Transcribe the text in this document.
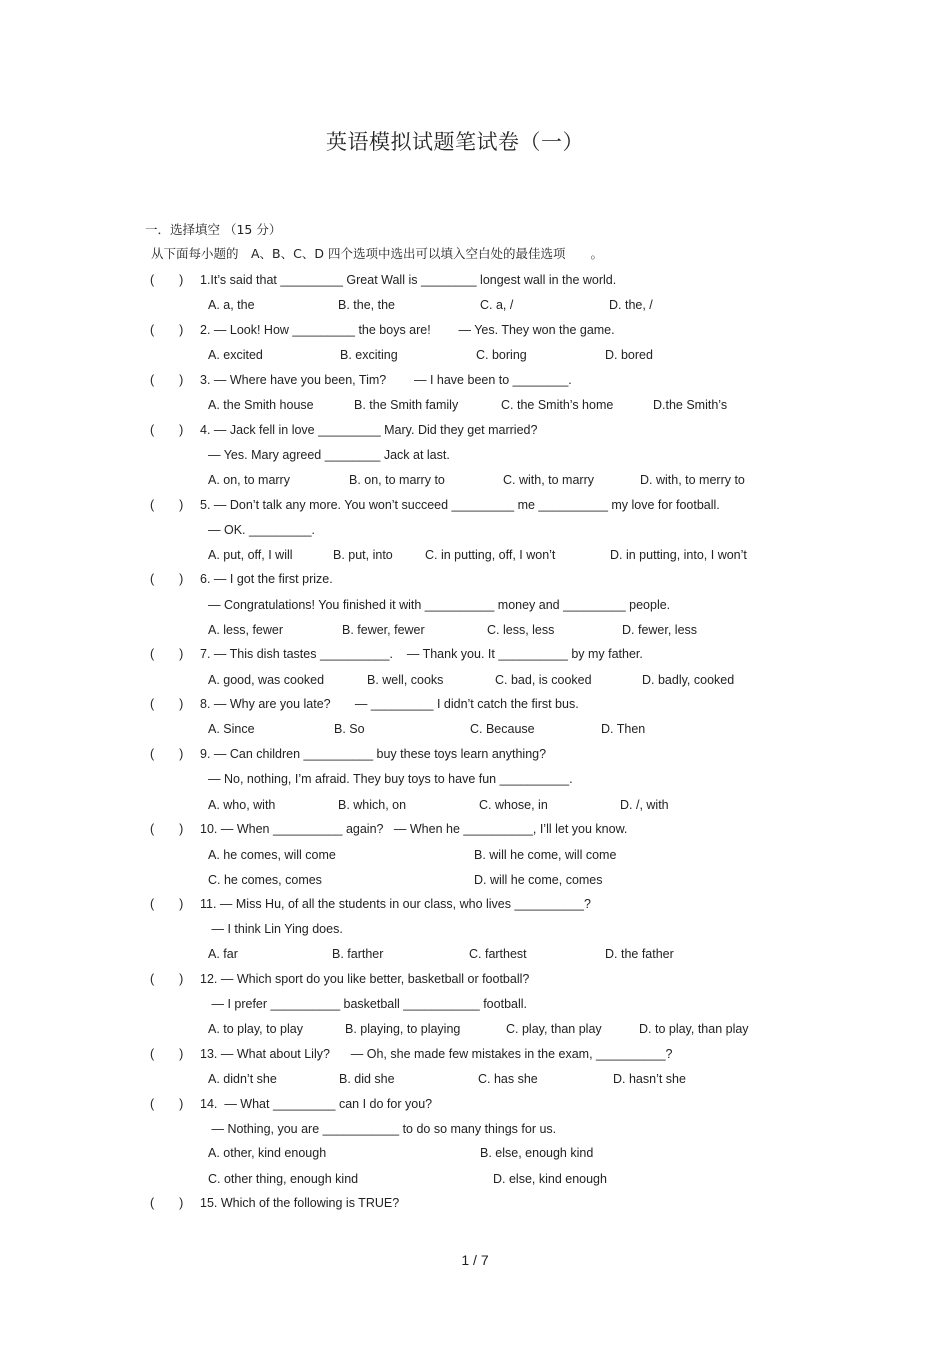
英语模拟试题笔试卷（一）
一．选择填空 （15 分）
从下面每小题的　A、B、C、D 四个选项中选出可以填入空白处的最佳选项　　。
(　　) 1.It’s said that _________ Great Wall is ________ longest wall in the world.
A. a, the	B. the, the	C. a, /	D. the, /
(　　) 2. — Look! How _________ the boys are!        — Yes. They won the game.
A. excited	B. exciting	C. boring	D. bored
(　　) 3. — Where have you been, Tim?        — I have been to ________.
A. the Smith house	B. the Smith family	C. the Smith’s home	D.the Smith’s
(　　) 4. — Jack fell in love _________ Mary. Did they get married?
— Yes. Mary agreed ________ Jack at last.
A. on, to marry	B. on, to marry to	C. with, to marry	D. with, to merry to
(　　) 5. — Don’t talk any more. You won’t succeed _________ me __________ my love for football.
— OK. _________.
A. put, off, I will	B. put, into	C. in putting, off, I won’t	D. in putting, into, I won’t
(　　) 6. — I got the first prize.
— Congratulations! You finished it with __________ money and _________ people.
A. less, fewer	B. fewer, fewer	C. less, less	D. fewer, less
(　　) 7. — This dish tastes __________.    — Thank you. It __________ by my father.
A. good, was cooked	B. well, cooks	C. bad, is cooked	D. badly, cooked
(　　) 8. — Why are you late?       — _________ I didn’t catch the first bus.
A. Since	B. So	C. Because	D. Then
(　　) 9. — Can children __________ buy these toys learn anything?
— No, nothing, I’m afraid. They buy toys to have fun __________.
A. who, with	B. which, on	C. whose, in	D. /, with
(　　) 10. — When __________ again?   — When he __________, I’ll let you know.
A. he comes, will come	B. will he come, will come
C. he comes, comes	D. will he come, comes
(　　) 11. — Miss Hu, of all the students in our class, who lives __________?
— I think Lin Ying does.
A. far	B. farther	C. farthest	D. the father
(　　) 12. — Which sport do you like better, basketball or football?
— I prefer __________ basketball ___________ football.
A. to play, to play	B. playing, to playing	C. play, than play	D. to play, than play
(　　) 13. — What about Lily?      — Oh, she made few mistakes in the exam, __________?
A. didn’t she	B. did she	C. has she	D. hasn’t she
(　　) 14.  — What _________ can I do for you?
— Nothing, you are ___________ to do so many things for us.
A. other, kind enough	B. else, enough kind
C. other thing, enough kind	D. else, kind enough
(　　) 15. Which of the following is TRUE?
1 / 7
